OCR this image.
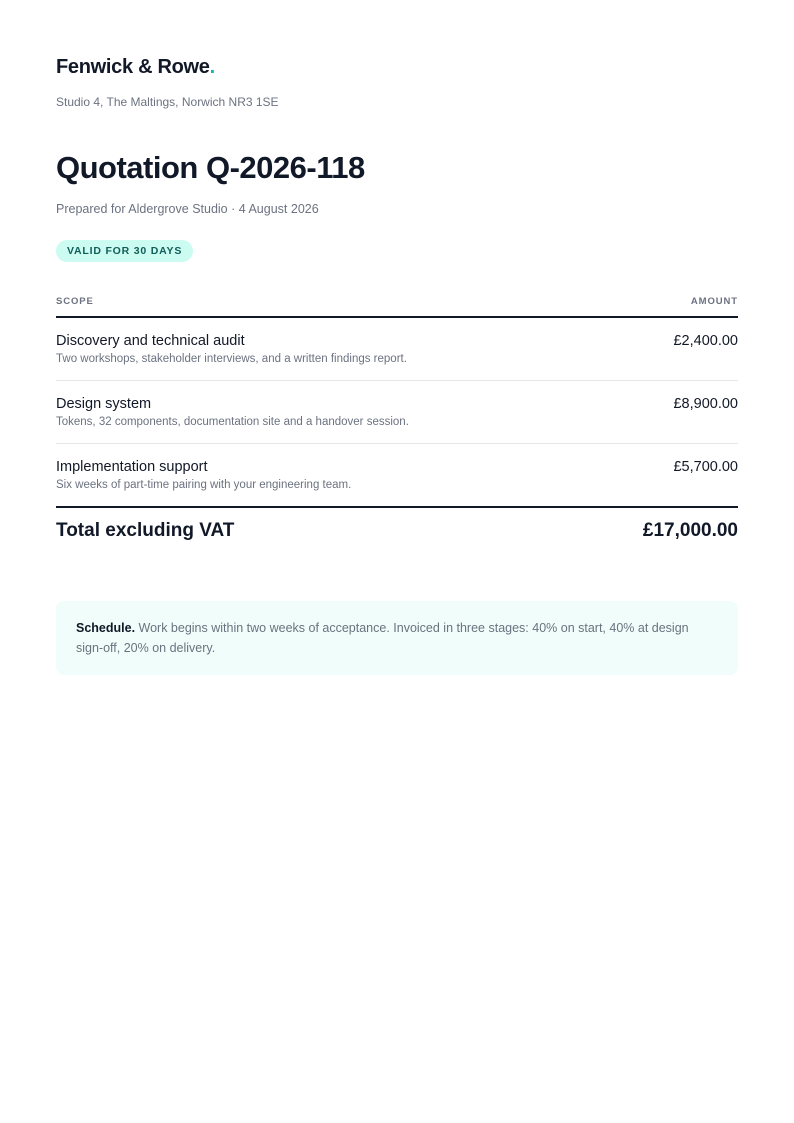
Fenwick & Rowe.
Studio 4, The Maltings, Norwich NR3 1SE
Quotation Q-2026-118
Prepared for Aldergrove Studio · 4 August 2026
VALID FOR 30 DAYS
SCOPE	AMOUNT
Discovery and technical audit
Two workshops, stakeholder interviews, and a written findings report.
£2,400.00
Design system
Tokens, 32 components, documentation site and a handover session.
£8,900.00
Implementation support
Six weeks of part-time pairing with your engineering team.
£5,700.00
Total excluding VAT	£17,000.00
Schedule. Work begins within two weeks of acceptance. Invoiced in three stages: 40% on start, 40% at design sign-off, 20% on delivery.
